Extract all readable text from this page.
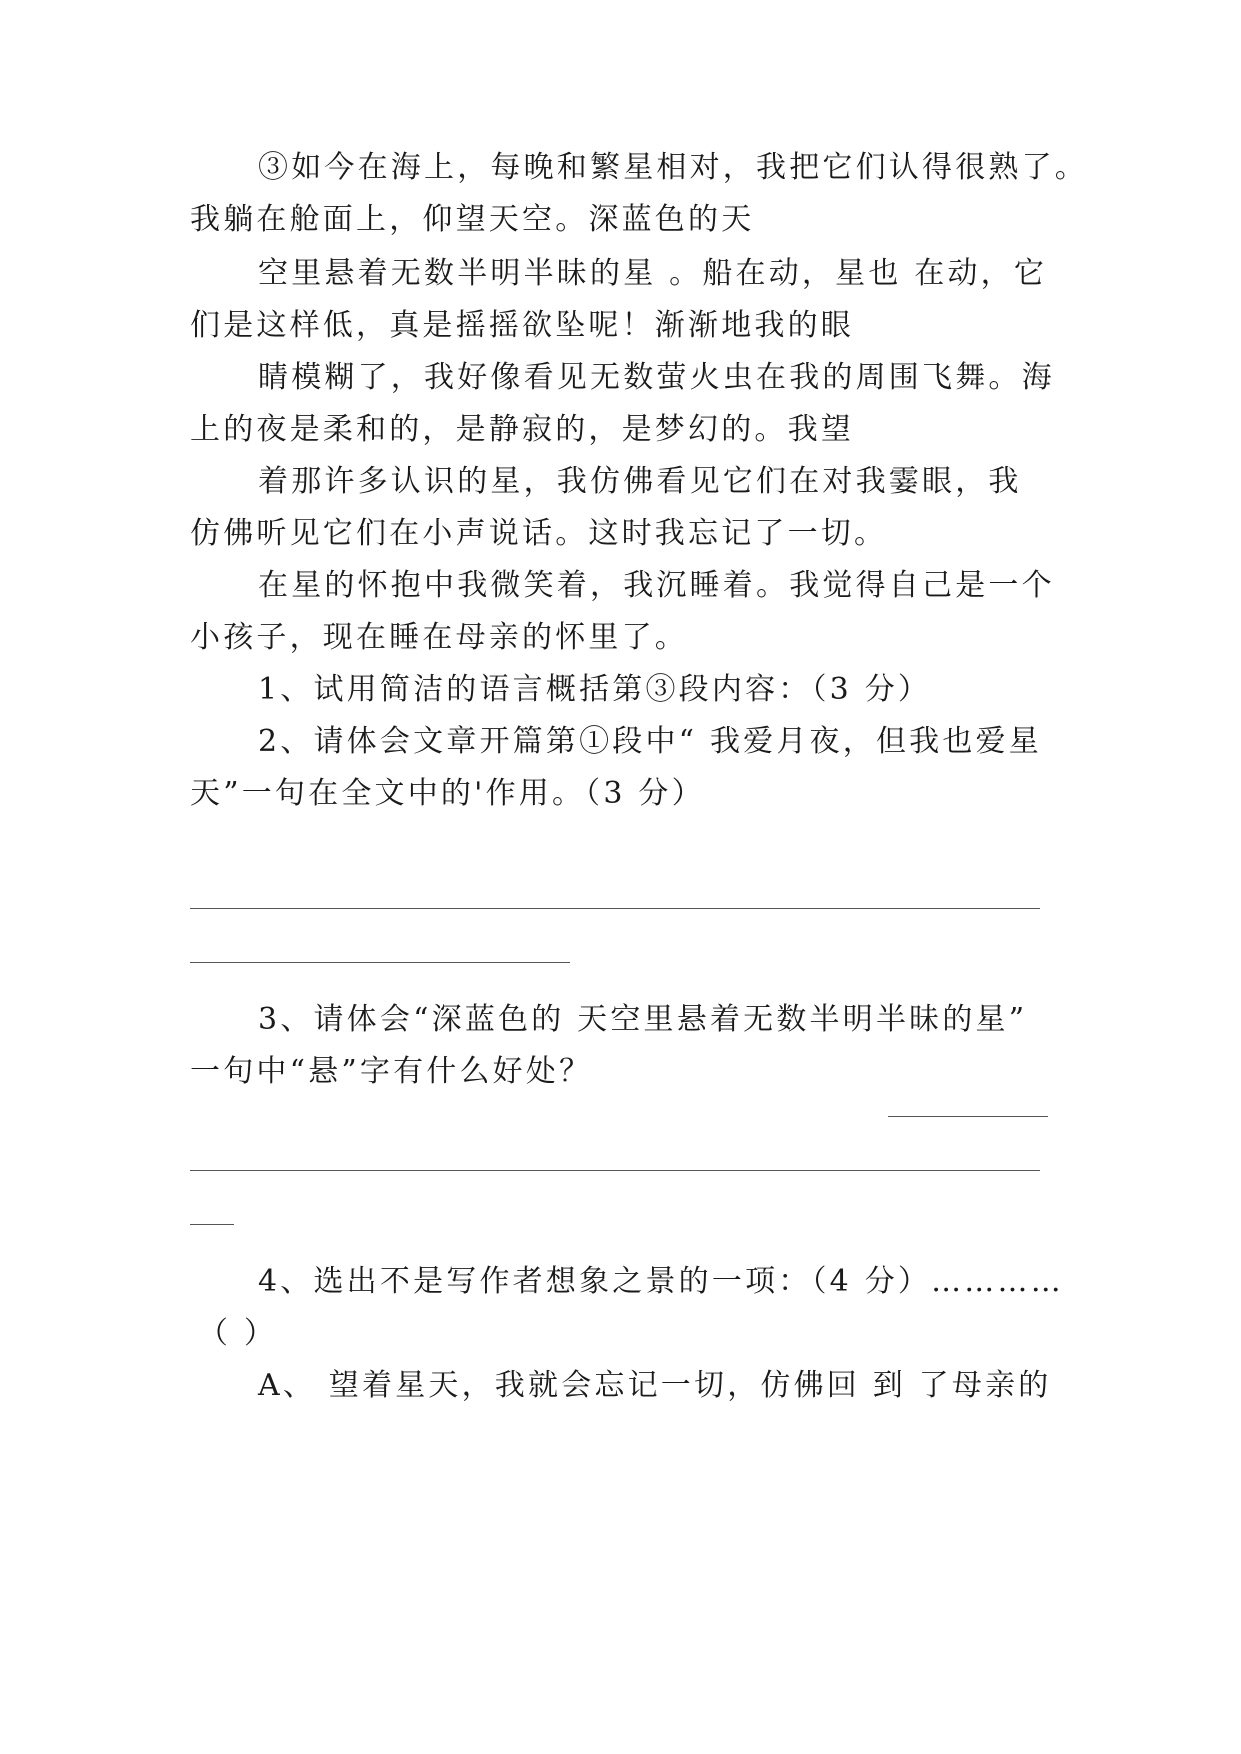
③如今在海上，每晚和繁星相对，我把它们认得很熟了。
我躺在舱面上，仰望天空。深蓝色的天
空里悬着无数半明半昧的星 。船在动，星也 在动，它
们是这样低，真是摇摇欲坠呢！渐渐地我的眼
睛模糊了，我好像看见无数萤火虫在我的周围飞舞。海
上的夜是柔和的，是静寂的，是梦幻的。我望
着那许多认识的星，我仿佛看见它们在对我霎眼，我
仿佛听见它们在小声说话。这时我忘记了一切。
在星的怀抱中我微笑着，我沉睡着。我觉得自己是一个
小孩子，现在睡在母亲的怀里了。
1、试用简洁的语言概括第③段内容：（3 分）
2、请体会文章开篇第①段中“ 我爱月夜，但我也爱星
天”一句在全文中的'作用。（3 分）
3、请体会“深蓝色的 天空里悬着无数半明半昧的星”
一句中“悬”字有什么好处？
4、选出不是写作者想象之景的一项：（4 分）…………
（ ）
A、 望着星天，我就会忘记一切，仿佛回 到 了母亲的
